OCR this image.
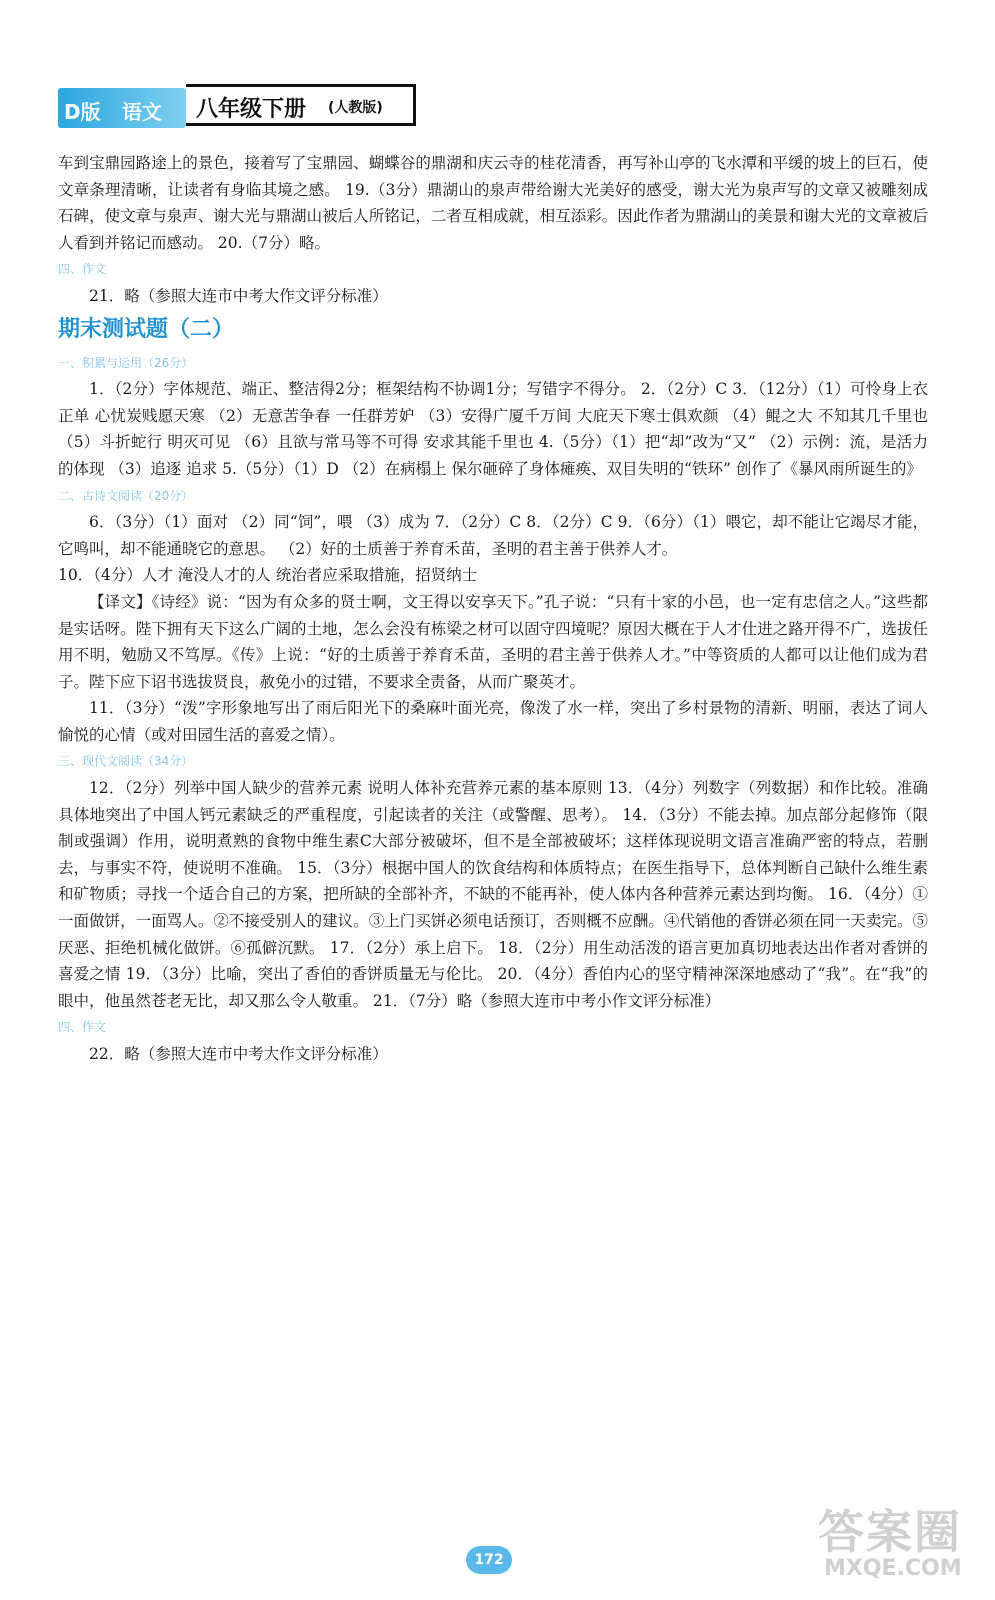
D版 语文 八年级下册 (人教版)

车到宝鼎园路途上的景色，接着写了宝鼎园、蝴蝶谷的鼎湖和庆云寺的桂花清香，再写补山亭的飞水潭和平缓的坡上的巨石，使文章条理清晰，让读者有身临其境之感。 19.（3分）鼎湖山的泉声带给谢大光美好的感受，谢大光为泉声写的文章又被雕刻成石碑，使文章与泉声、谢大光与鼎湖山被后人所铭记，二者互相成就，相互添彩。因此作者为鼎湖山的美景和谢大光的文章被后人看到并铭记而感动。 20.（7分）略。

四、作文

21．略（参照大连市中考大作文评分标准）

期末测试题（二）

一、积累与运用（26分）

1．（2分）字体规范、端正、整洁得2分；框架结构不协调1分；写错字不得分。 2．（2分）C 3．（12分）（1）可怜身上衣正单 心忧炭贱愿天寒 （2）无意苦争春 一任群芳妒 （3）安得广厦千万间 大庇天下寒士俱欢颜 （4）鲲之大 不知其几千里也 （5）斗折蛇行 明灭可见 （6）且欲与常马等不可得 安求其能千里也 4.（5分）（1）把“却”改为“又” （2）示例：流，是活力的体现 （3）追逐 追求 5.（5分）（1）D （2）在病榻上 保尔砸碎了身体瘫痪、双目失明的“铁环” 创作了《暴风雨所诞生的》

二、古诗文阅读（20分）

6．（3分）（1）面对 （2）同“饲”，喂 （3）成为 7．（2分）C 8．（2分）C 9．（6分）（1）喂它，却不能让它竭尽才能，它鸣叫，却不能通晓它的意思。 （2）好的土质善于养育禾苗，圣明的君主善于供养人才。

10．（4分）人才 淹没人才的人 统治者应采取措施，招贤纳士

【译文】《诗经》说：“因为有众多的贤士啊，文王得以安享天下。”孔子说：“只有十家的小邑，也一定有忠信之人。”这些都是实话呀。陛下拥有天下这么广阔的土地，怎么会没有栋梁之材可以固守四境呢？原因大概在于人才仕进之路开得不广，选拔任用不明，勉励又不笃厚。《传》上说：“好的土质善于养育禾苗，圣明的君主善于供养人才。”中等资质的人都可以让他们成为君子。陛下应下诏书选拔贤良，赦免小的过错，不要求全责备，从而广聚英才。

11．（3分）“泼”字形象地写出了雨后阳光下的桑麻叶面光亮，像泼了水一样，突出了乡村景物的清新、明丽，表达了词人愉悦的心情（或对田园生活的喜爱之情）。

三、现代文阅读（34分）

12．（2分）列举中国人缺少的营养元素 说明人体补充营养元素的基本原则 13．（4分）列数字（列数据）和作比较。准确具体地突出了中国人钙元素缺乏的严重程度，引起读者的关注（或警醒、思考）。 14．（3分）不能去掉。加点部分起修饰（限制或强调）作用，说明煮熟的食物中维生素C大部分被破坏，但不是全部被破坏；这样体现说明文语言准确严密的特点，若删去，与事实不符，使说明不准确。 15．（3分）根据中国人的饮食结构和体质特点；在医生指导下，总体判断自己缺什么维生素和矿物质；寻找一个适合自己的方案，把所缺的全部补齐，不缺的不能再补，使人体内各种营养元素达到均衡。 16．（4分）①一面做饼，一面骂人。②不接受别人的建议。③上门买饼必须电话预订，否则概不应酬。④代销他的香饼必须在同一天卖完。⑤厌恶、拒绝机械化做饼。⑥孤僻沉默。 17．（2分）承上启下。 18．（2分）用生动活泼的语言更加真切地表达出作者对香饼的喜爱之情 19．（3分）比喻，突出了香伯的香饼质量无与伦比。 20．（4分）香伯内心的坚守精神深深地感动了“我”。在“我”的眼中，他虽然苍老无比，却又那么令人敬重。 21．（7分）略（参照大连市中考小作文评分标准）

四、作文

22．略（参照大连市中考大作文评分标准）

172
答案圈
MXQE.COM
